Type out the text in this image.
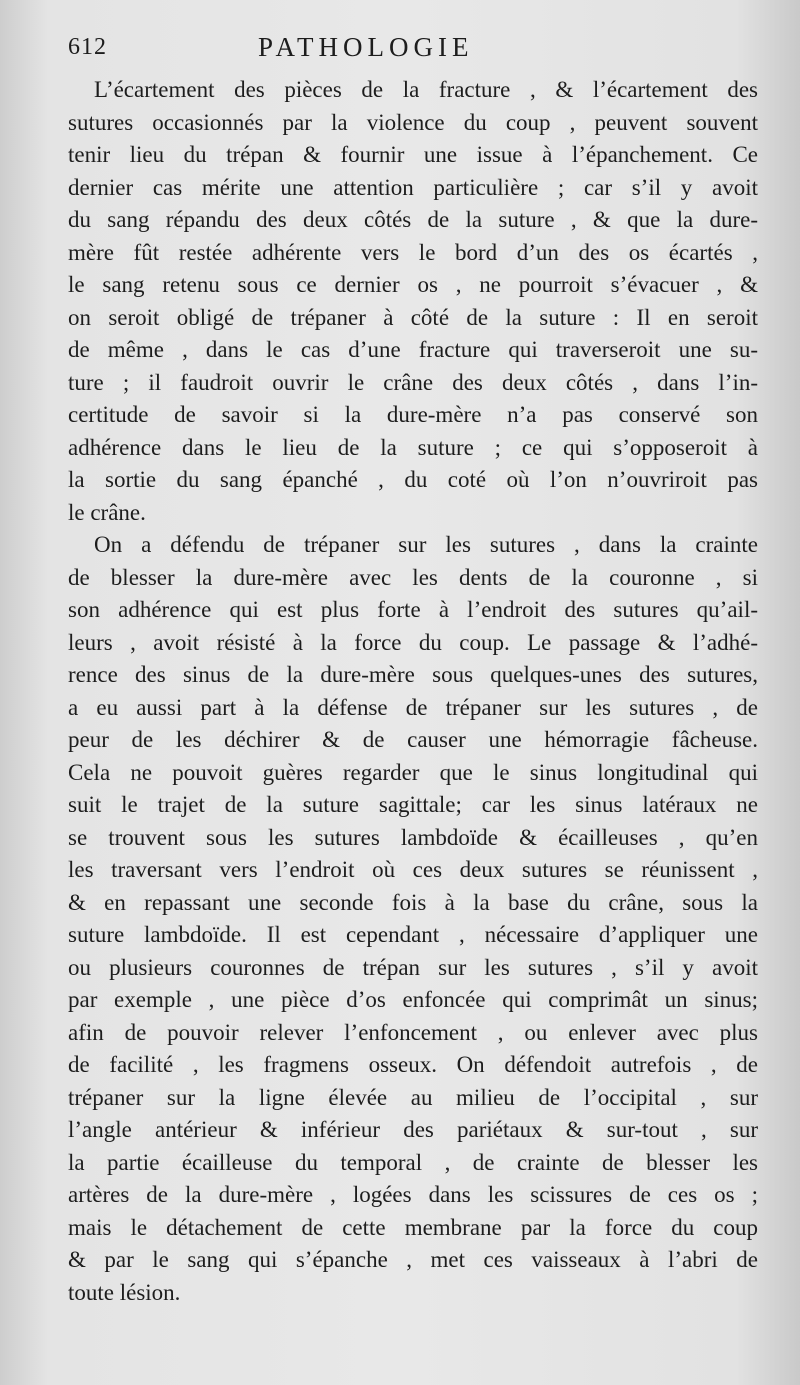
612	PATHOLOGIE
L’écartement des pièces de la fracture , & l’écartement des
sutures occasionnés par la violence du coup , peuvent souvent
tenir lieu du trépan & fournir une issue à l’épanchement. Ce
dernier cas mérite une attention particulière ; car s’il y avoit
du sang répandu des deux côtés de la suture , & que la dure-
mère fût restée adhérente vers le bord d’un des os écartés ,
le sang retenu sous ce dernier os , ne pourroit s’évacuer , &
on seroit obligé de trépaner à côté de la suture : Il en seroit
de même , dans le cas d’une fracture qui traverseroit une su-
ture ; il faudroit ouvrir le crâne des deux côtés , dans l’in-
certitude de savoir si la dure-mère n’a pas conservé son
adhérence dans le lieu de la suture ; ce qui s’opposeroit à
la sortie du sang épanché , du coté où l’on n’ouvriroit pas
le crâne.
On a défendu de trépaner sur les sutures , dans la crainte
de blesser la dure-mère avec les dents de la couronne , si
son adhérence qui est plus forte à l’endroit des sutures qu’ail-
leurs , avoit résisté à la force du coup. Le passage & l’adhé-
rence des sinus de la dure-mère sous quelques-unes des sutures,
a eu aussi part à la défense de trépaner sur les sutures , de
peur de les déchirer & de causer une hémorragie fâcheuse.
Cela ne pouvoit guères regarder que le sinus longitudinal qui
suit le trajet de la suture sagittale; car les sinus latéraux ne
se trouvent sous les sutures lambdoïde & écailleuses , qu’en
les traversant vers l’endroit où ces deux sutures se réunissent ,
& en repassant une seconde fois à la base du crâne, sous la
suture lambdoïde. Il est cependant , nécessaire d’appliquer une
ou plusieurs couronnes de trépan sur les sutures , s’il y avoit
par exemple , une pièce d’os enfoncée qui comprimât un sinus;
afin de pouvoir relever l’enfoncement , ou enlever avec plus
de facilité , les fragmens osseux. On défendoit autrefois , de
trépaner sur la ligne élevée au milieu de l’occipital , sur
l’angle antérieur & inférieur des pariétaux & sur-tout , sur
la partie écailleuse du temporal , de crainte de blesser les
artères de la dure-mère , logées dans les scissures de ces os ;
mais le détachement de cette membrane par la force du coup
& par le sang qui s’épanche , met ces vaisseaux à l’abri de
toute lésion.
